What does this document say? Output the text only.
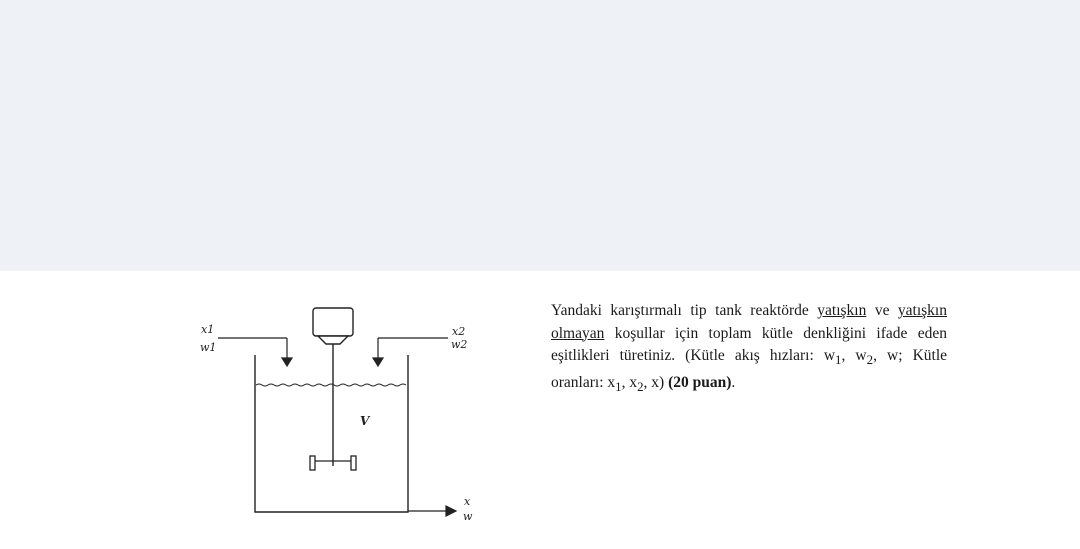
x1
w1
x2
w2
x
w
V
Yandaki karıştırmalı tip tank reaktörde yatışkın ve yatışkın olmayan koşullar için toplam kütle denkliğini ifade eden eşitlikleri türetiniz. (Kütle akış hızları: $w_1$, $w_2$, w; Kütle oranları: $x_1$, $x_2$, x) (20 puan).
